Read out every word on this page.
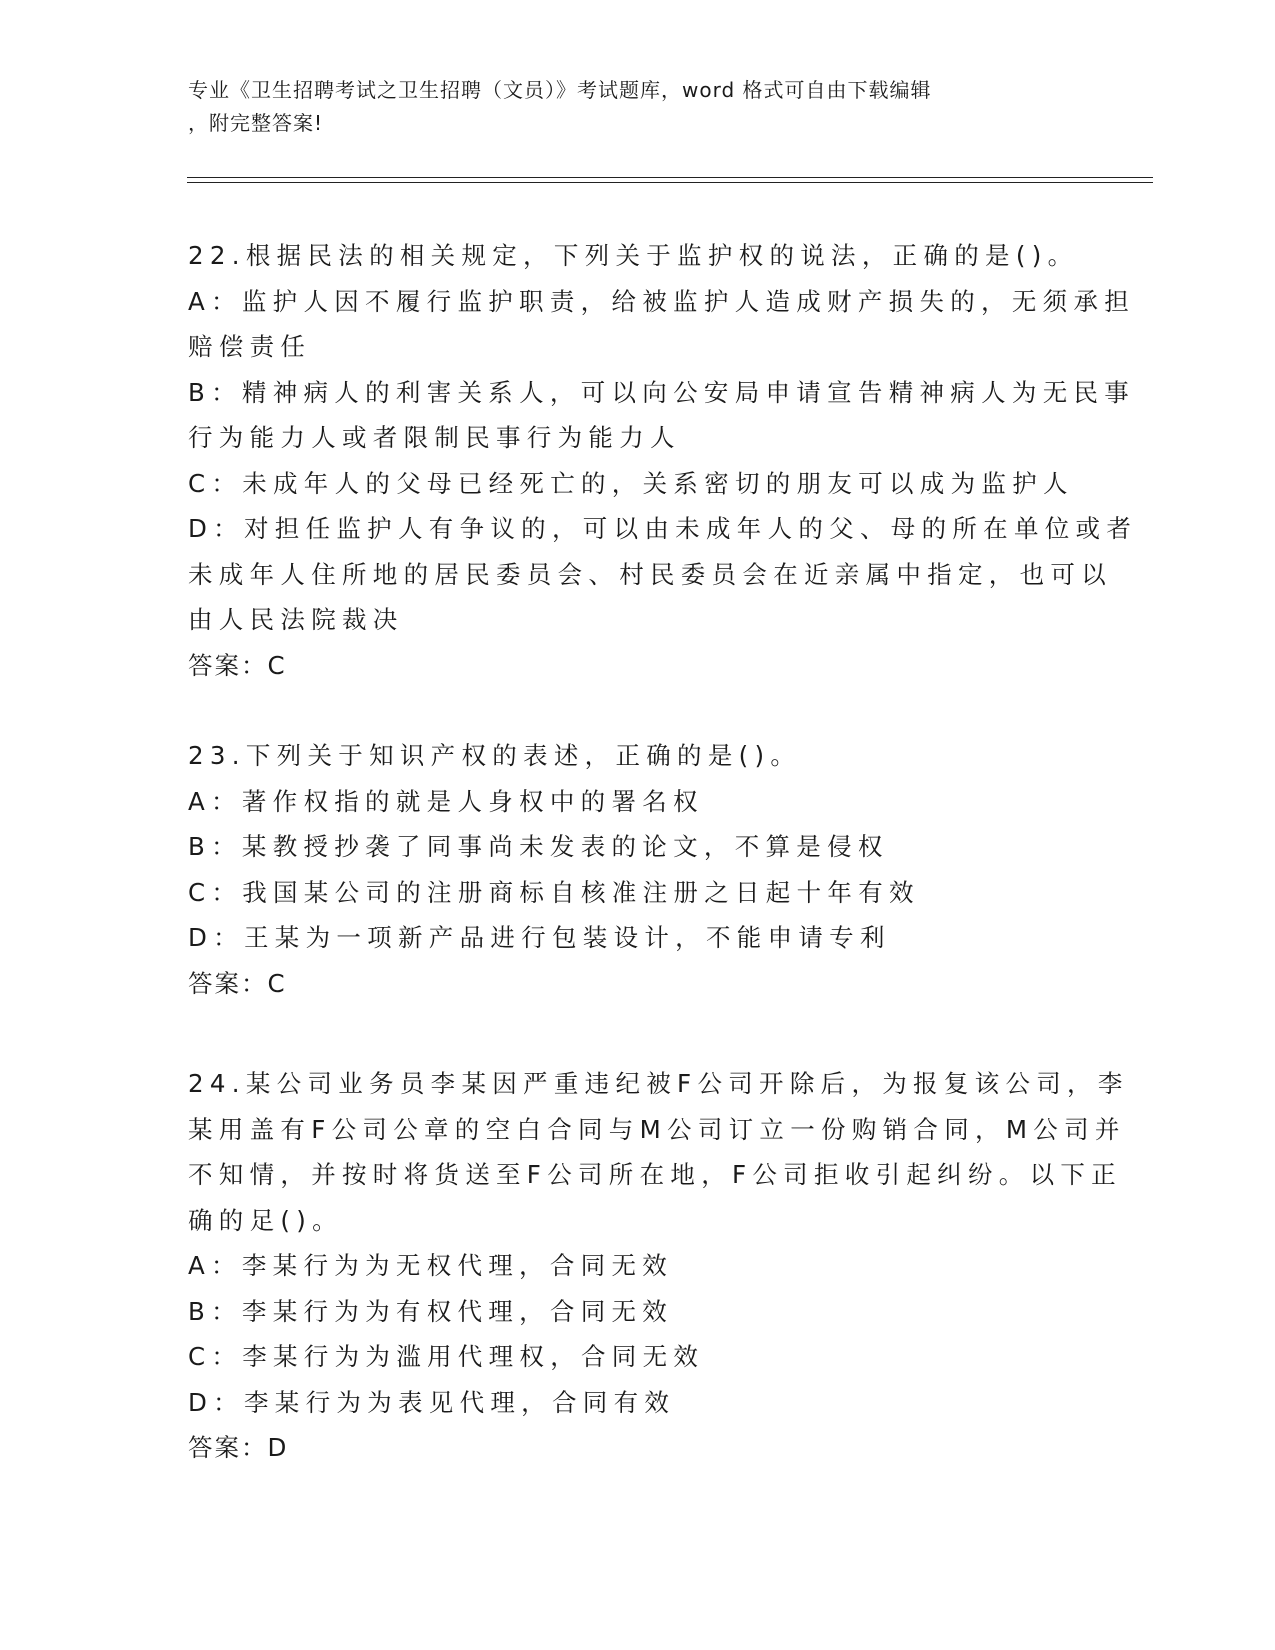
专业《卫生招聘考试之卫生招聘（文员）》考试题库，word 格式可自由下载编辑
，附完整答案!
22.根据民法的相关规定，下列关于监护权的说法，正确的是()。
A：监护人因不履行监护职责，给被监护人造成财产损失的，无须承担
赔偿责任
B：精神病人的利害关系人，可以向公安局申请宣告精神病人为无民事
行为能力人或者限制民事行为能力人
C：未成年人的父母已经死亡的，关系密切的朋友可以成为监护人
D：对担任监护人有争议的，可以由未成年人的父、母的所在单位或者
未成年人住所地的居民委员会、村民委员会在近亲属中指定，也可以
由人民法院裁决
答案：C
23.下列关于知识产权的表述，正确的是()。
A：著作权指的就是人身权中的署名权
B：某教授抄袭了同事尚未发表的论文，不算是侵权
C：我国某公司的注册商标自核准注册之日起十年有效
D：王某为一项新产品进行包装设计，不能申请专利
答案：C
24.某公司业务员李某因严重违纪被F公司开除后，为报复该公司，李
某用盖有F公司公章的空白合同与M公司订立一份购销合同，M公司并
不知情，并按时将货送至F公司所在地，F公司拒收引起纠纷。以下正
确的足()。
A：李某行为为无权代理，合同无效
B：李某行为为有权代理，合同无效
C：李某行为为滥用代理权，合同无效
D：李某行为为表见代理，合同有效
答案：D
